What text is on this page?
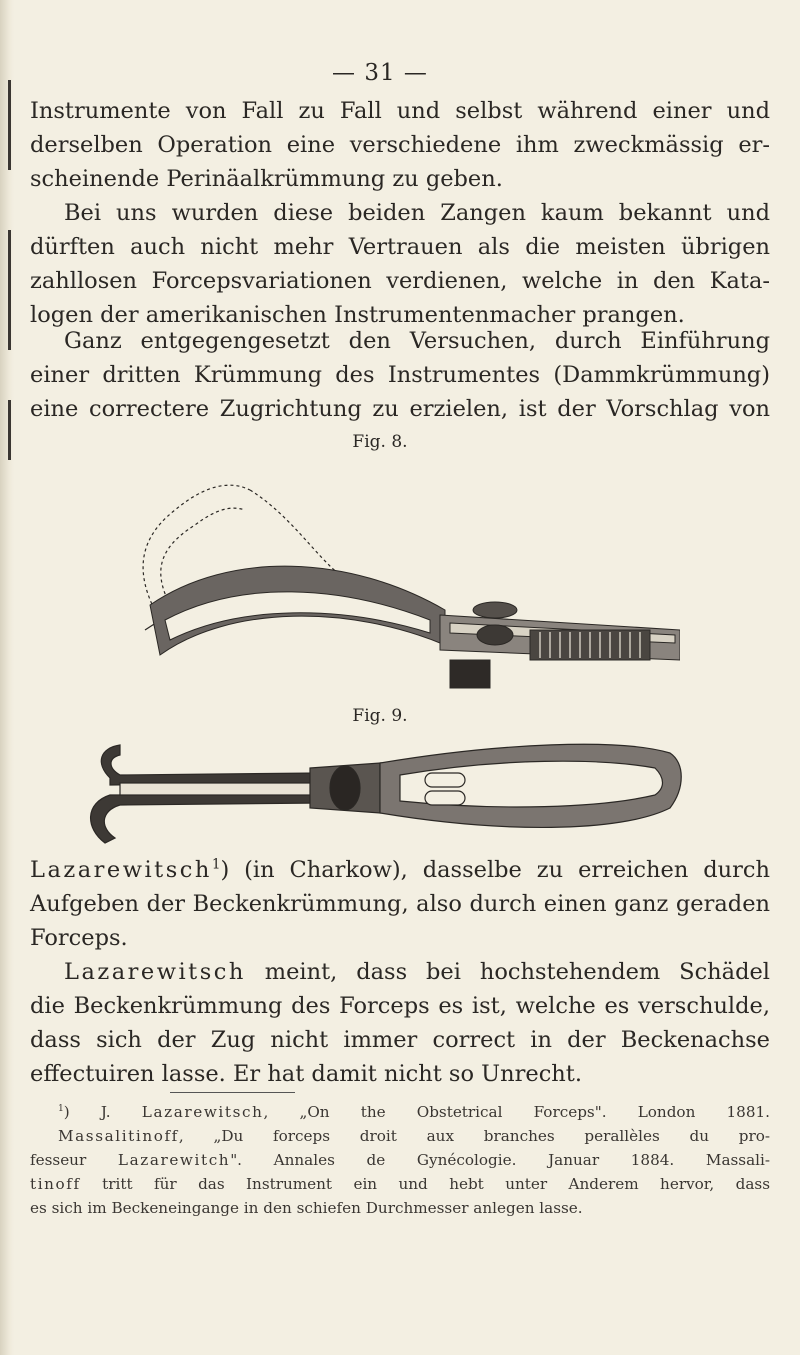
— 31 —
Instrumente von Fall zu Fall und selbst während einer und
derselben Operation eine verschiedene ihm zweckmässig er-
scheinende Perinäalkrümmung zu geben.
Bei uns wurden diese beiden Zangen kaum bekannt und
dürften auch nicht mehr Vertrauen als die meisten übrigen
zahllosen Forcepsvariationen verdienen, welche in den Kata-
logen der amerikanischen Instrumentenmacher prangen.
Ganz entgegengesetzt den Versuchen, durch Einführung
einer dritten Krümmung des Instrumentes (Dammkrümmung)
eine correctere Zugrichtung zu erzielen, ist der Vorschlag von
Fig. 8.
Fig. 9.
Lazarewitsch$^1$) (in Charkow), dasselbe zu erreichen durch
Aufgeben der Beckenkrümmung, also durch einen ganz geraden
Forceps.
Lazarewitsch meint, dass bei hochstehendem Schädel
die Beckenkrümmung des Forceps es ist, welche es verschulde,
dass sich der Zug nicht immer correct in der Beckenachse
effectuiren lasse. Er hat damit nicht so Unrecht.
$^1$) J. Lazarewitsch, „On the Obstetrical Forceps". London 1881.
Massalitinoff, „Du forceps droit aux branches perallèles du pro-
fesseur Lazarewitch". Annales de Gynécologie. Januar 1884. Massali-
tinoff tritt für das Instrument ein und hebt unter Anderem hervor, dass
es sich im Beckeneingange in den schiefen Durchmesser anlegen lasse.
